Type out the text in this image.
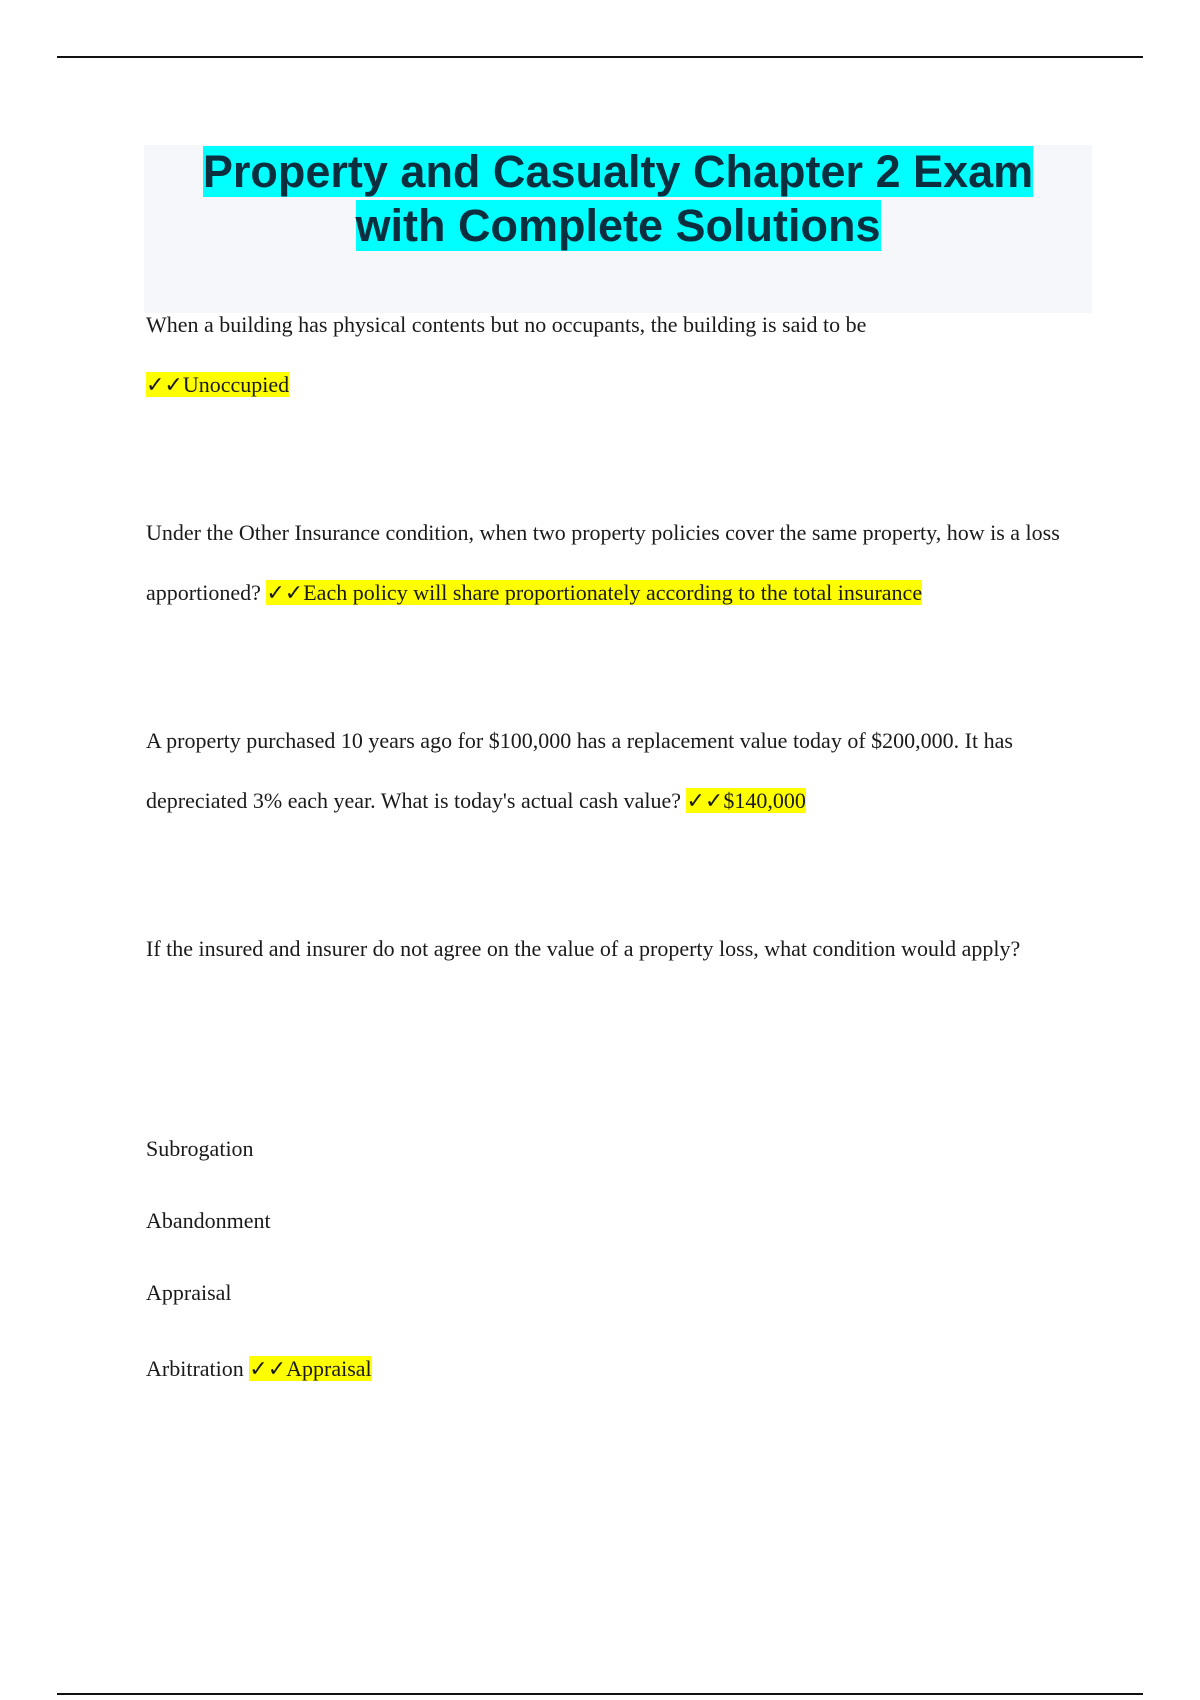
Property and Casualty Chapter 2 Exam
with Complete Solutions

When a building has physical contents but no occupants, the building is said to be
✓✓Unoccupied

Under the Other Insurance condition, when two property policies cover the same property, how is a loss apportioned? ✓✓Each policy will share proportionately according to the total insurance

A property purchased 10 years ago for $100,000 has a replacement value today of $200,000. It has depreciated 3% each year. What is today's actual cash value? ✓✓$140,000

If the insured and insurer do not agree on the value of a property loss, what condition would apply?

Subrogation

Abandonment

Appraisal

Arbitration ✓✓Appraisal
